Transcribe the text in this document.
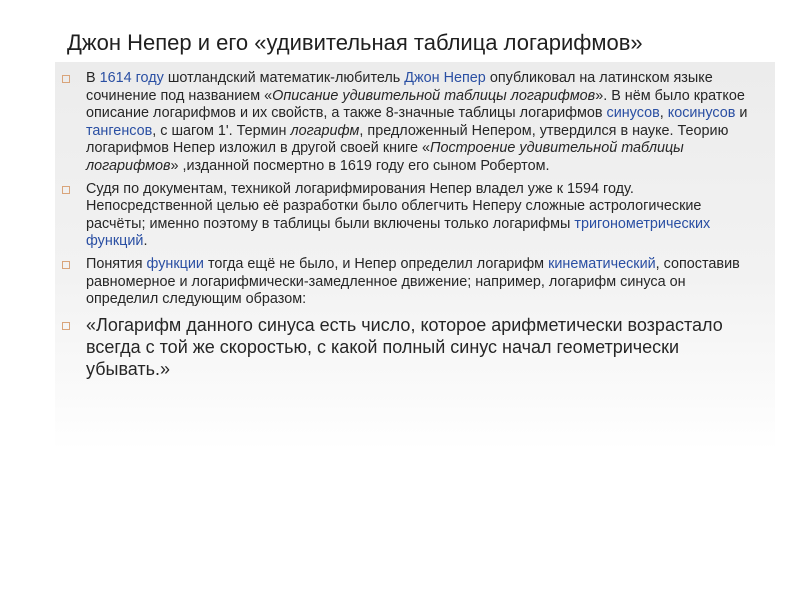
Джон Непер и его «удивительная таблица логарифмов»
В 1614 году шотландский математик-любитель Джон Непер опубликовал на латинском языке сочинение под названием «Описание удивительной таблицы логарифмов». В нём было краткое описание логарифмов и их свойств, а также 8-значные таблицы логарифмов синусов, косинусов и тангенсов, с шагом 1'. Термин логарифм, предложенный Непером, утвердился в науке. Теорию логарифмов Непер изложил в другой своей книге «Построение удивительной таблицы логарифмов» ,изданной посмертно в 1619 году его сыном Робертом.
Судя по документам, техникой логарифмирования Непер владел уже к 1594 году. Непосредственной целью её разработки было облегчить Неперу сложные астрологические расчёты; именно поэтому в таблицы были включены только логарифмы тригонометрических функций.
Понятия функции тогда ещё не было, и Непер определил логарифм кинематический, сопоставив равномерное и логарифмически-замедленное движение; например, логарифм синуса он определил следующим образом:
«Логарифм данного синуса есть число, которое арифметически возрастало всегда с той же скоростью, с какой полный синус начал геометрически убывать.»
